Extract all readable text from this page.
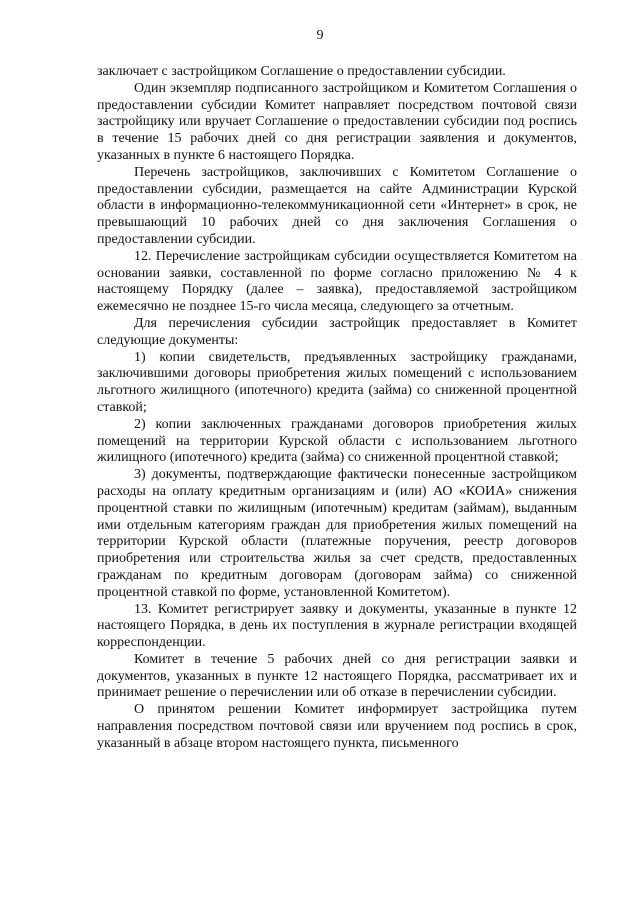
9

заключает с застройщиком Соглашение о предоставлении субсидии.

Один экземпляр подписанного застройщиком и Комитетом Соглашения о предоставлении субсидии Комитет направляет посредством почтовой связи застройщику или вручает Соглашение о предоставлении субсидии под роспись в течение 15 рабочих дней со дня регистрации заявления и документов, указанных в пункте 6 настоящего Порядка.

Перечень застройщиков, заключивших с Комитетом Соглашение о предоставлении субсидии, размещается на сайте Администрации Курской области в информационно-телекоммуникационной сети «Интернет» в срок, не превышающий 10 рабочих дней со дня заключения Соглашения о предоставлении субсидии.

12. Перечисление застройщикам субсидии осуществляется Комитетом на основании заявки, составленной по форме согласно приложению № 4 к настоящему Порядку (далее – заявка), предоставляемой застройщиком ежемесячно не позднее 15-го числа месяца, следующего за отчетным.

Для перечисления субсидии застройщик предоставляет в Комитет следующие документы:

1) копии свидетельств, предъявленных застройщику гражданами, заключившими договоры приобретения жилых помещений с использованием льготного жилищного (ипотечного) кредита (займа) со сниженной процентной ставкой;

2) копии заключенных гражданами договоров приобретения жилых помещений на территории Курской области с использованием льготного жилищного (ипотечного) кредита (займа) со сниженной процентной ставкой;

3) документы, подтверждающие фактически понесенные застройщиком расходы на оплату кредитным организациям и (или) АО «КОИА» снижения процентной ставки по жилищным (ипотечным) кредитам (займам), выданным ими отдельным категориям граждан для приобретения жилых помещений на территории Курской области (платежные поручения, реестр договоров приобретения или строительства жилья за счет средств, предоставленных гражданам по кредитным договорам (договорам займа) со сниженной процентной ставкой по форме, установленной Комитетом).

13. Комитет регистрирует заявку и документы, указанные в пункте 12 настоящего Порядка, в день их поступления в журнале регистрации входящей корреспонденции.

Комитет в течение 5 рабочих дней со дня регистрации заявки и документов, указанных в пункте 12 настоящего Порядка, рассматривает их и принимает решение о перечислении или об отказе в перечислении субсидии.

О принятом решении Комитет информирует застройщика путем направления посредством почтовой связи или вручением под роспись в срок, указанный в абзаце втором настоящего пункта, письменного
